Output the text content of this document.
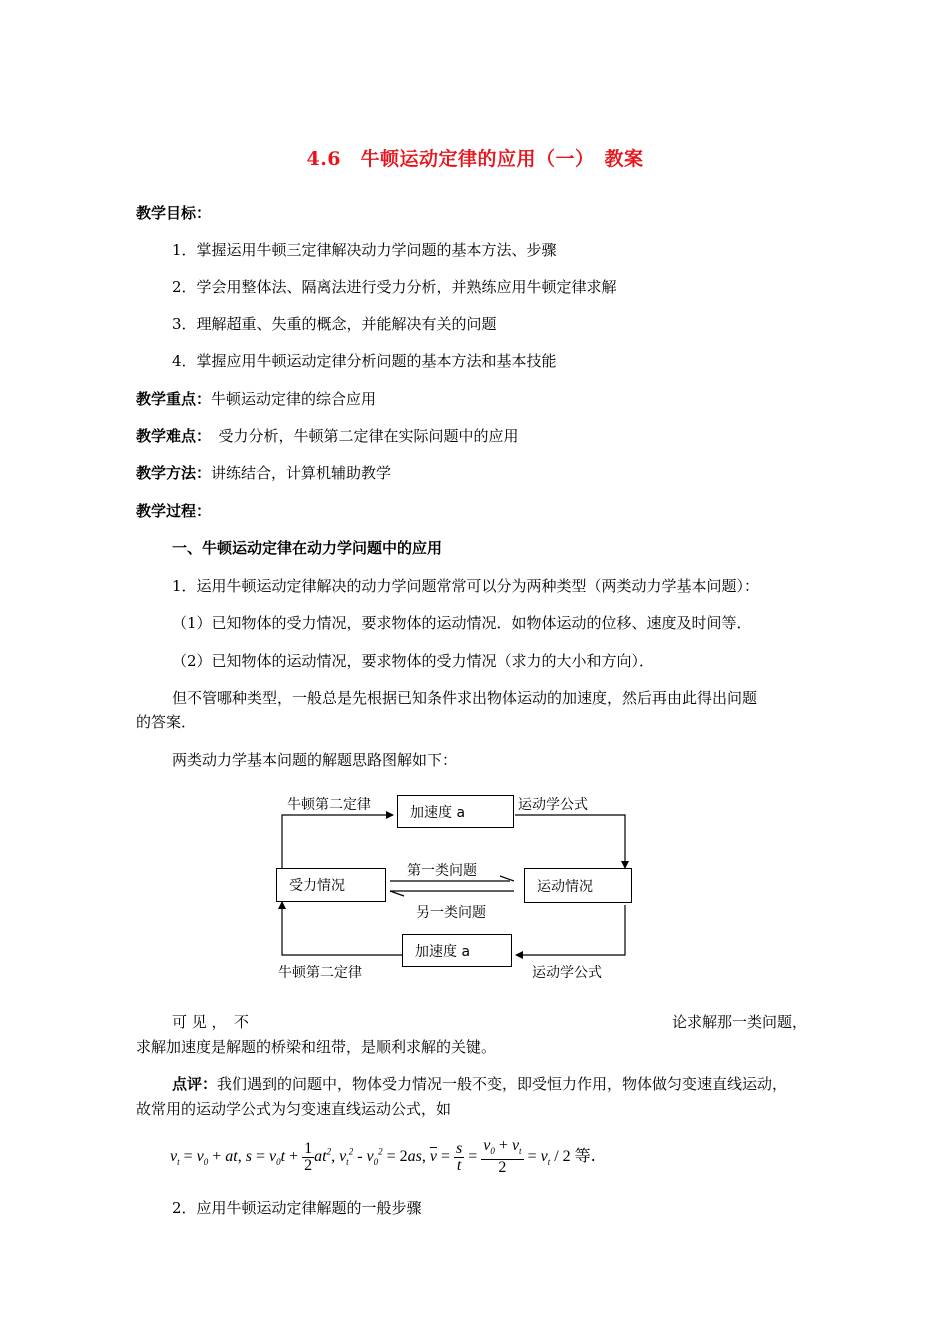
4.6　牛顿运动定律的应用（一）　教案
教学目标：
1．掌握运用牛顿三定律解决动力学问题的基本方法、步骤
2．学会用整体法、隔离法进行受力分析，并熟练应用牛顿定律求解
3．理解超重、失重的概念，并能解决有关的问题
4．掌握应用牛顿运动定律分析问题的基本方法和基本技能
教学重点：牛顿运动定律的综合应用
教学难点：　受力分析，牛顿第二定律在实际问题中的应用
教学方法：讲练结合，计算机辅助教学
教学过程：
一、牛顿运动定律在动力学问题中的应用
1．运用牛顿运动定律解决的动力学问题常常可以分为两种类型（两类动力学基本问题）：
（1）已知物体的受力情况，要求物体的运动情况．如物体运动的位移、速度及时间等．
（2）已知物体的运动情况，要求物体的受力情况（求力的大小和方向）．
但不管哪种类型，一般总是先根据已知条件求出物体运动的加速度，然后再由此得出问题
的答案．
两类动力学基本问题的解题思路图解如下：
牛顿第二定律	加速度 a	运动学公式
受力情况
第一类问题
另一类问题
运动情况
加速度 a
牛顿第二定律	运动学公式
可 见 ，　不	论求解那一类问题，
求解加速度是解题的桥梁和纽带，是顺利求解的关键。
点评：我们遇到的问题中，物体受力情况一般不变，即受恒力作用，物体做匀变速直线运动，
故常用的运动学公式为匀变速直线运动公式，如
$v_t = v_0$ + at, $s = v_0t + \frac{1}{2} at^2$, $v_t^2 - v_0^2 = 2as$, $\overline{v} = \frac{s}{t} = \frac{v_0 + v_t}{2} = v_t / 2$ 等.
2．应用牛顿运动定律解题的一般步骤
